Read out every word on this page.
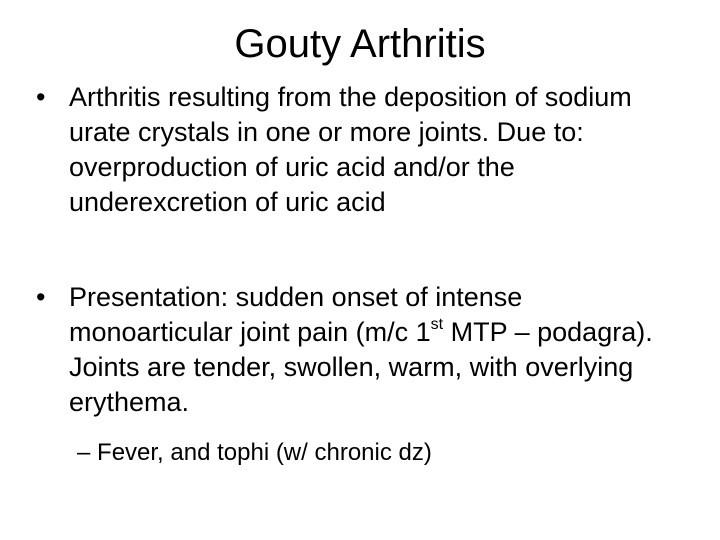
Gouty Arthritis
• Arthritis resulting from the deposition of sodium urate crystals in one or more joints. Due to: overproduction of uric acid and/or the underexcretion of uric acid
• Presentation: sudden onset of intense monoarticular joint pain (m/c 1st MTP – podagra). Joints are tender, swollen, warm, with overlying erythema.
– Fever, and tophi (w/ chronic dz)
